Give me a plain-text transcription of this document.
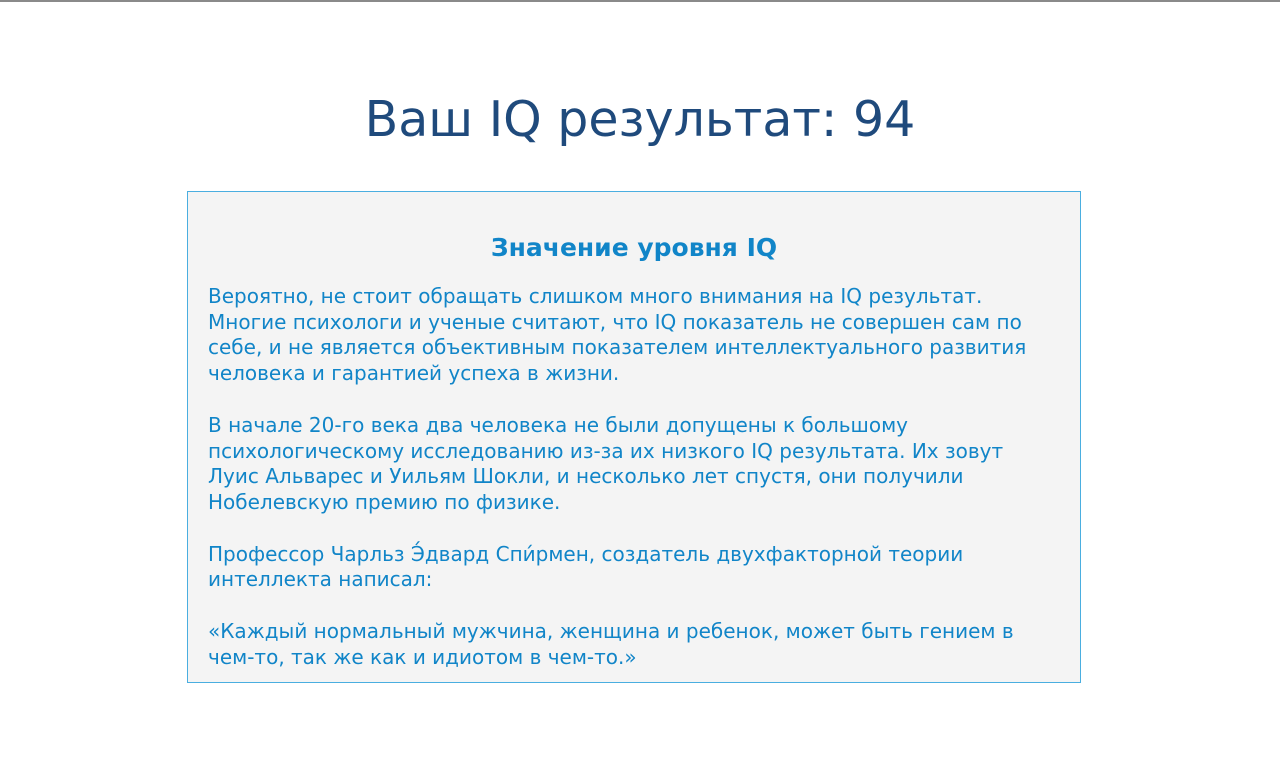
Ваш IQ результат: 94
Значение уровня IQ

Вероятно, не стоит обращать слишком много внимания на IQ результат. Многие психологи и ученые считают, что IQ показатель не совершен сам по себе, и не является объективным показателем интеллектуального развития человека и гарантией успеха в жизни.

В начале 20-го века два человека не были допущены к большому психологическому исследованию из-за их низкого IQ результата. Их зовут Луис Альварес и Уильям Шокли, и несколько лет спустя, они получили Нобелевскую премию по физике.

Профессор Чарльз Э́двард Спи́рмен, создатель двухфакторной теории интеллекта написал:

«Каждый нормальный мужчина, женщина и ребенок, может быть гением в чем-то, так же как и идиотом в чем-то.»
